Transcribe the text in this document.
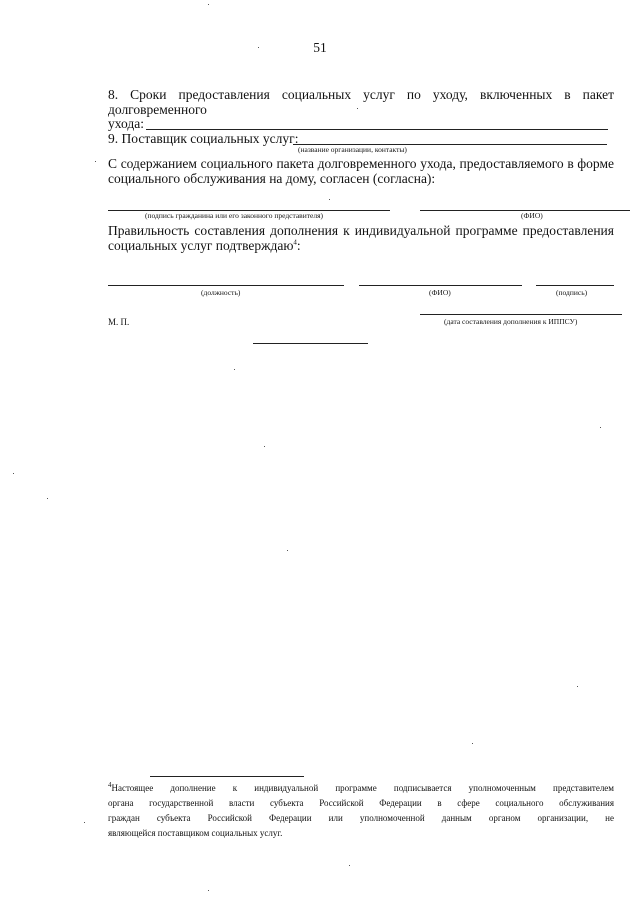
51
8. Сроки предоставления социальных услуг по уходу, включенных в пакет
долговременного
ухода:
9. Поставщик социальных услуг:
(название организации, контакты)
С содержанием социального пакета долговременного ухода, предоставляемого в форме
социального обслуживания на дому, согласен (согласна):
(подпись гражданина или его законного представителя)	(ФИО)
Правильность составления дополнения к индивидуальной программе предоставления
социальных услуг подтверждаю$^4$:
(должность)	(ФИО)	(подпись)
М. П.	(дата составления дополнения к ИППСУ)
$^4$Настоящее дополнение к индивидуальной программе подписывается уполномоченным представителем
органа государственной власти субъекта Российской Федерации в сфере социального обслуживания
граждан субъекта Российской Федерации или уполномоченной данным органом организации, не
являющейся поставщиком социальных услуг.
